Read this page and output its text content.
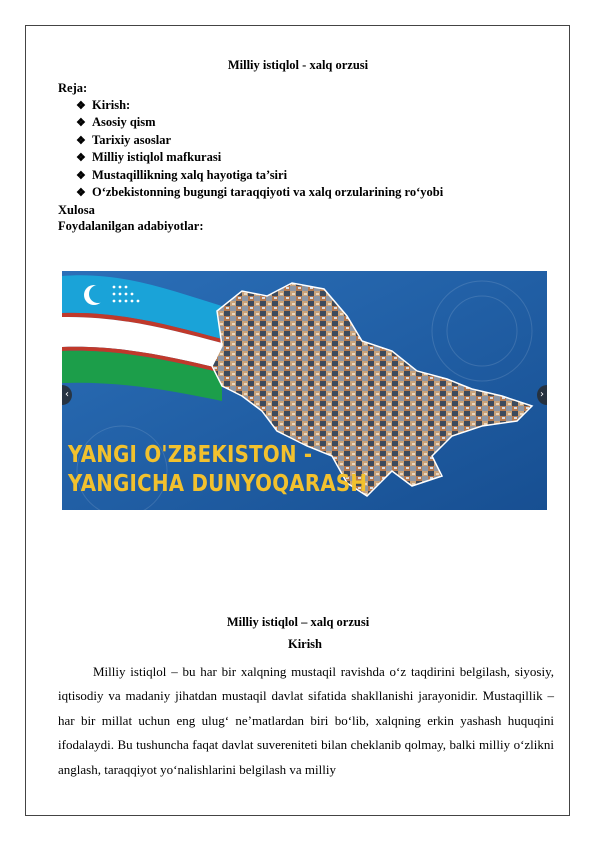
Milliy istiqlol - xalq orzusi
Reja:
❖ Kirish:
❖ Asosiy qism
❖ Tarixiy asoslar
❖ Milliy istiqlol mafkurasi
❖ Mustaqillikning xalq hayotiga ta’siri
❖ O‘zbekistonning bugungi taraqqiyoti va xalq orzularining ro‘yobi
Xulosa
Foydalanilgan adabiyotlar:
YANGI O'ZBEKISTON -
YANGICHA DUNYOQARASH
‹	›
Milliy istiqlol – xalq orzusi
Kirish
Milliy istiqlol – bu har bir xalqning mustaqil ravishda o‘z taqdirini belgilash, siyosiy, iqtisodiy va madaniy jihatdan mustaqil davlat sifatida shakllanishi jarayonidir. Mustaqillik – har bir millat uchun eng ulug‘ ne’matlardan biri bo‘lib, xalqning erkin yashash huquqini ifodalaydi. Bu tushuncha faqat davlat suvereniteti bilan cheklanib qolmay, balki milliy o‘zlikni anglash, taraqqiyot yo‘nalishlarini belgilash va milliy
